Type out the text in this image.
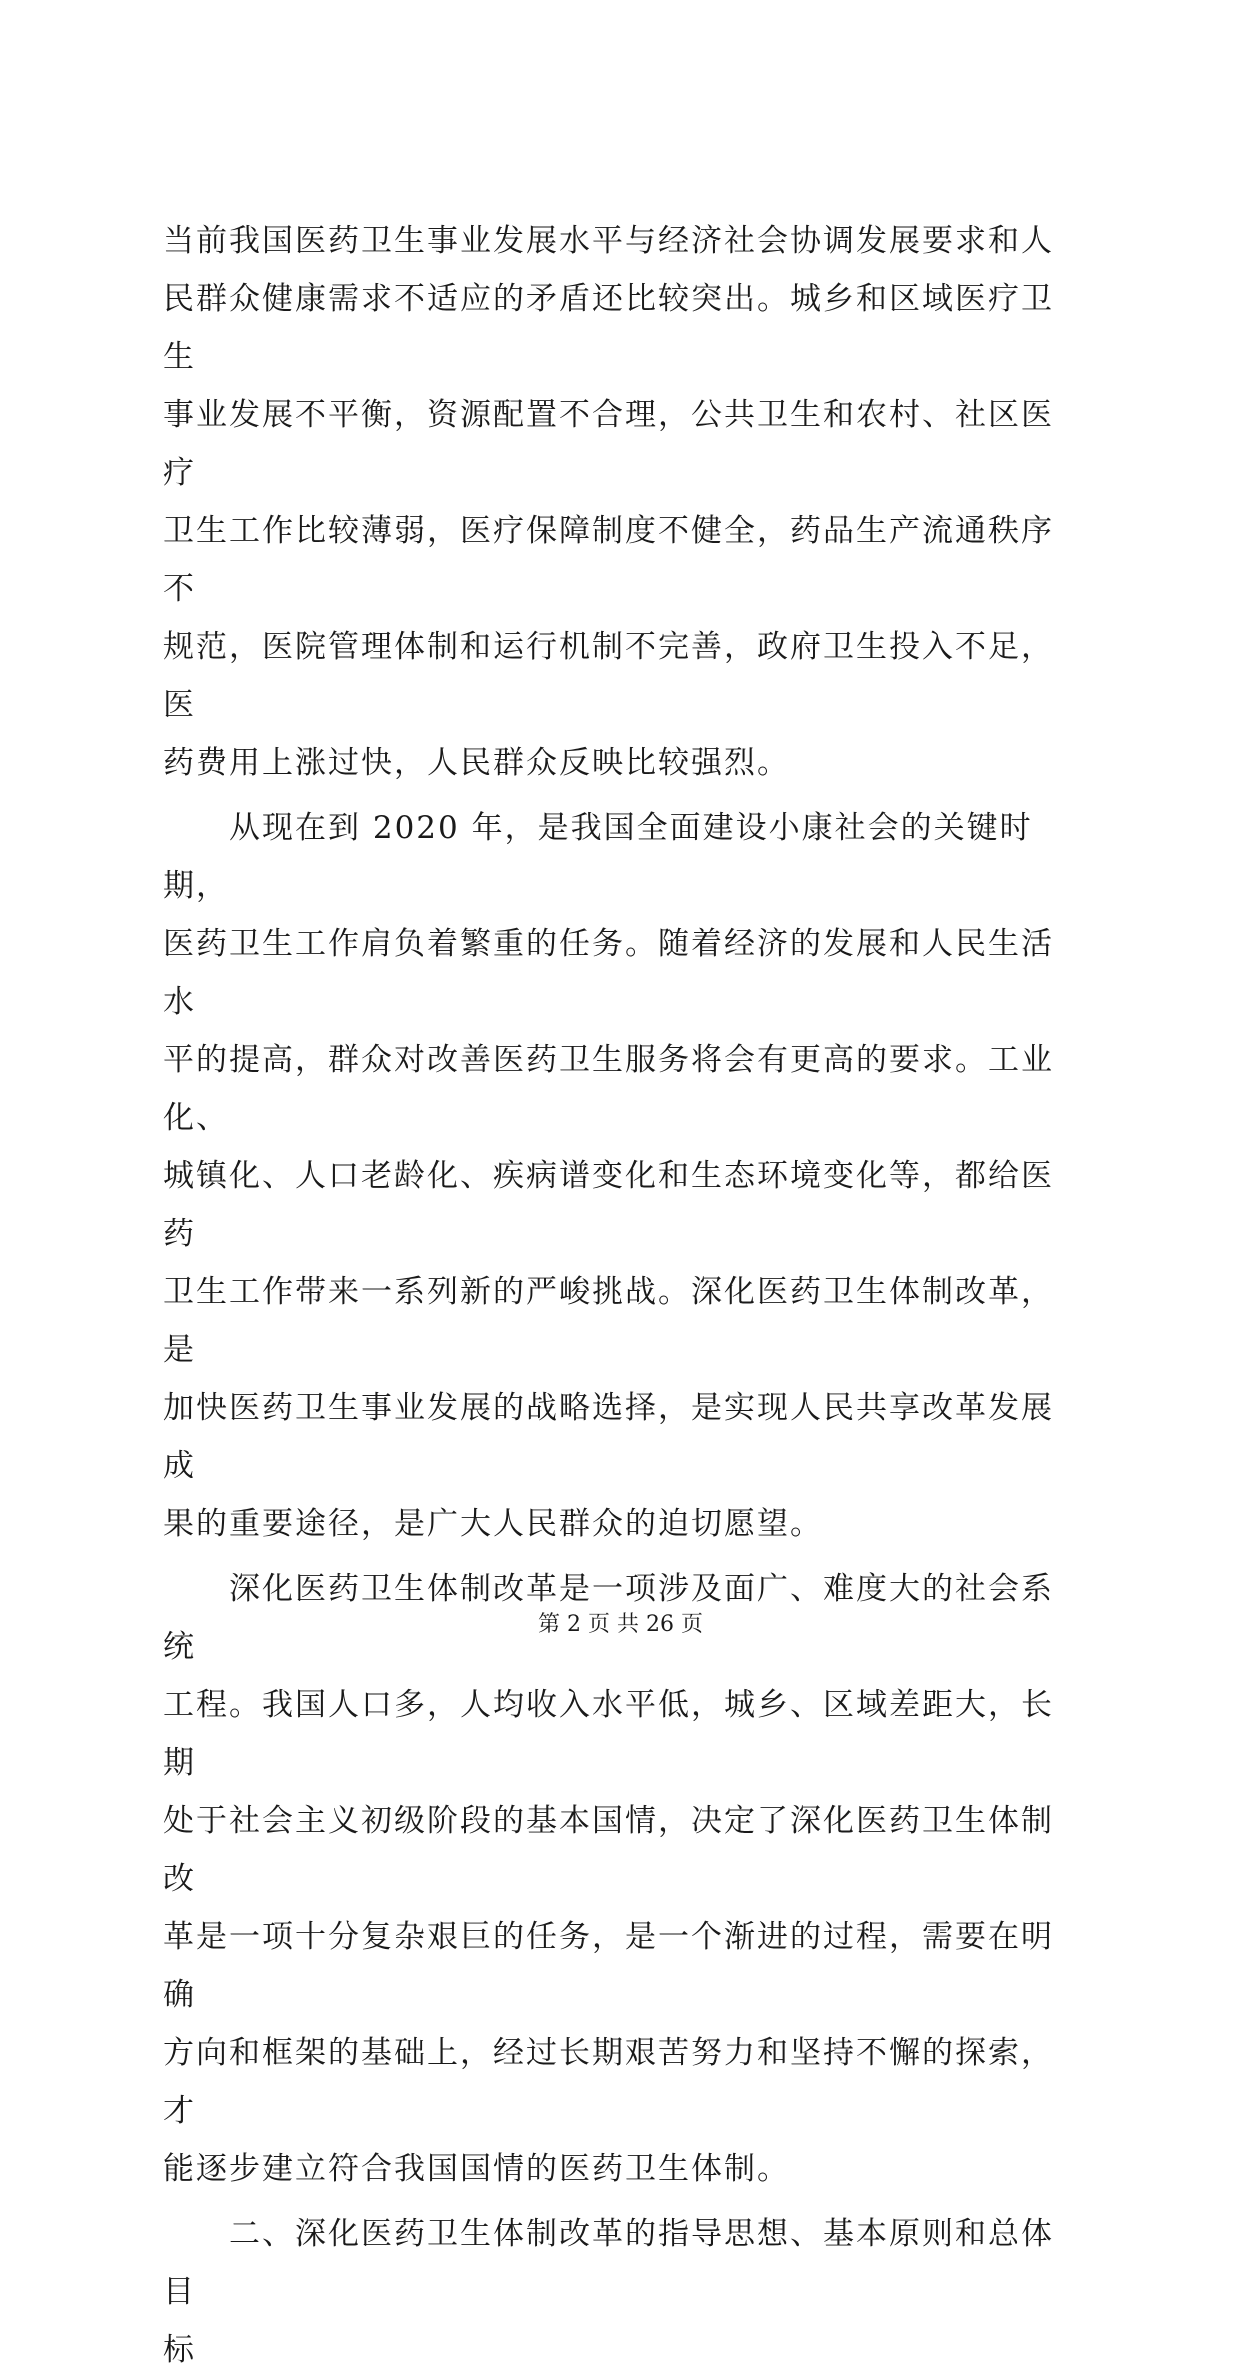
当前我国医药卫生事业发展水平与经济社会协调发展要求和人
民群众健康需求不适应的矛盾还比较突出。城乡和区域医疗卫生
事业发展不平衡，资源配置不合理，公共卫生和农村、社区医疗
卫生工作比较薄弱，医疗保障制度不健全，药品生产流通秩序不
规范，医院管理体制和运行机制不完善，政府卫生投入不足，医
药费用上涨过快，人民群众反映比较强烈。

　　从现在到 2020 年，是我国全面建设小康社会的关键时期，
医药卫生工作肩负着繁重的任务。随着经济的发展和人民生活水
平的提高，群众对改善医药卫生服务将会有更高的要求。工业化、
城镇化、人口老龄化、疾病谱变化和生态环境变化等，都给医药
卫生工作带来一系列新的严峻挑战。深化医药卫生体制改革，是
加快医药卫生事业发展的战略选择，是实现人民共享改革发展成
果的重要途径，是广大人民群众的迫切愿望。

　　深化医药卫生体制改革是一项涉及面广、难度大的社会系统
工程。我国人口多，人均收入水平低，城乡、区域差距大，长期
处于社会主义初级阶段的基本国情，决定了深化医药卫生体制改
革是一项十分复杂艰巨的任务，是一个渐进的过程，需要在明确
方向和框架的基础上，经过长期艰苦努力和坚持不懈的探索，才
能逐步建立符合我国国情的医药卫生体制。

　　二、深化医药卫生体制改革的指导思想、基本原则和总体目
标

第 2 页 共 26 页
